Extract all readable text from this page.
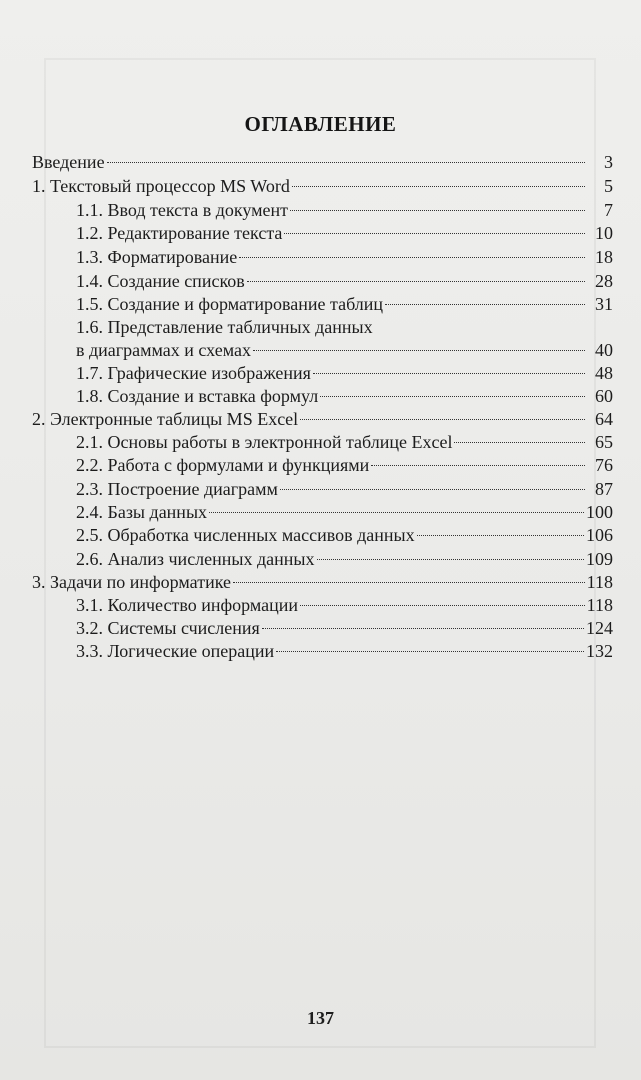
ОГЛАВЛЕНИЕ
Введение	3
1. Текстовый процессор MS Word	5
1.1. Ввод текста в документ	7
1.2. Редактирование текста	10
1.3. Форматирование	18
1.4. Создание списков	28
1.5. Создание и форматирование таблиц	31
1.6. Представление табличных данных
в диаграммах и схемах	40
1.7. Графические изображения	48
1.8. Создание и вставка формул	60
2. Электронные таблицы MS Excel	64
2.1. Основы работы в электронной таблице Excel	65
2.2. Работа с формулами и функциями	76
2.3. Построение диаграмм	87
2.4. Базы данных	100
2.5. Обработка численных массивов данных	106
2.6. Анализ численных данных	109
3. Задачи по информатике	118
3.1. Количество информации	118
3.2. Системы счисления	124
3.3. Логические операции	132
137
